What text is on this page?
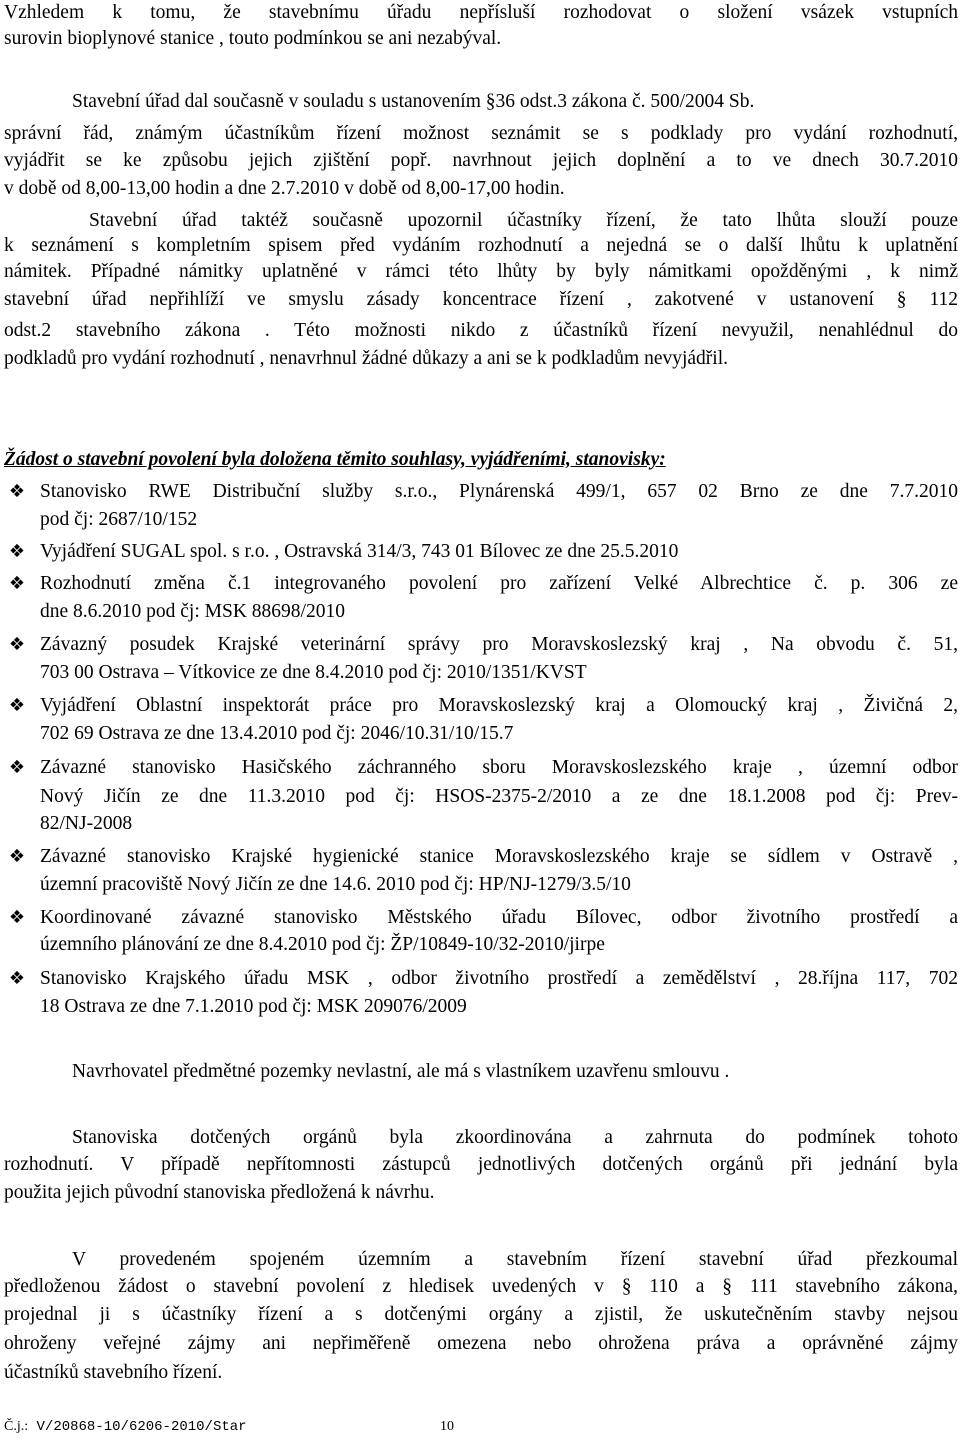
Vzhledem k tomu, že stavebnímu úřadu nepřísluší rozhodovat o složení vsázek vstupních
surovin bioplynové stanice , touto podmínkou se ani nezabýval.
Stavební úřad dal současně v souladu s ustanovením §36 odst.3 zákona č. 500/2004 Sb.
správní řád, známým účastníkům řízení možnost seznámit se s podklady pro vydání rozhodnutí,
vyjádřit se ke způsobu jejich zjištění popř. navrhnout jejich doplnění a to ve dnech 30.7.2010
v době od 8,00-13,00 hodin a dne 2.7.2010 v době od 8,00-17,00 hodin.
Stavební úřad taktéž současně upozornil účastníky řízení, že tato lhůta slouží pouze
k seznámení s kompletním spisem před vydáním rozhodnutí a nejedná se o další lhůtu k uplatnění
námitek. Případné námitky uplatněné v rámci této lhůty by byly námitkami opožděnými , k nimž
stavební úřad nepřihlíží ve smyslu zásady koncentrace řízení , zakotvené v ustanovení § 112
odst.2 stavebního zákona . Této možnosti nikdo z účastníků řízení nevyužil, nenahlédnul do
podkladů pro vydání rozhodnutí , nenavrhnul žádné důkazy a ani se k podkladům nevyjádřil.
Žádost o stavební povolení byla doložena těmito souhlasy, vyjádřeními, stanovisky:
❖ Stanovisko RWE Distribuční služby s.r.o., Plynárenská 499/1, 657 02 Brno ze dne 7.7.2010
pod čj: 2687/10/152
❖ Vyjádření SUGAL spol. s r.o. , Ostravská 314/3, 743 01 Bílovec ze dne 25.5.2010
❖ Rozhodnutí změna č.1 integrovaného povolení pro zařízení Velké Albrechtice č. p. 306 ze
dne 8.6.2010 pod čj: MSK 88698/2010
❖ Závazný posudek Krajské veterinární správy pro Moravskoslezský kraj , Na obvodu č. 51,
703 00 Ostrava – Vítkovice ze dne 8.4.2010 pod čj: 2010/1351/KVST
❖ Vyjádření Oblastní inspektorát práce pro Moravskoslezský kraj a Olomoucký kraj , Živičná 2,
702 69 Ostrava ze dne 13.4.2010 pod čj: 2046/10.31/10/15.7
❖ Závazné stanovisko Hasičského záchranného sboru Moravskoslezského kraje , územní odbor
Nový Jičín ze dne 11.3.2010 pod čj: HSOS-2375-2/2010 a ze dne 18.1.2008 pod čj: Prev-
82/NJ-2008
❖ Závazné stanovisko Krajské hygienické stanice Moravskoslezského kraje se sídlem v Ostravě ,
územní pracoviště Nový Jičín ze dne 14.6. 2010 pod čj: HP/NJ-1279/3.5/10
❖ Koordinované závazné stanovisko Městského úřadu Bílovec, odbor životního prostředí a
územního plánování ze dne 8.4.2010 pod čj: ŽP/10849-10/32-2010/jirpe
❖ Stanovisko Krajského úřadu MSK , odbor životního prostředí a zemědělství , 28.října 117, 702
18 Ostrava ze dne 7.1.2010 pod čj: MSK 209076/2009
Navrhovatel předmětné pozemky nevlastní, ale má s vlastníkem uzavřenu smlouvu .
Stanoviska dotčených orgánů byla zkoordinována a zahrnuta do podmínek tohoto
rozhodnutí. V případě nepřítomnosti zástupců jednotlivých dotčených orgánů při jednání byla
použita jejich původní stanoviska předložená k návrhu.
V provedeném spojeném územním a stavebním řízení stavební úřad přezkoumal
předloženou žádost o stavební povolení z hledisek uvedených v § 110 a § 111 stavebního zákona,
projednal ji s účastníky řízení a s dotčenými orgány a zjistil, že uskutečněním stavby nejsou
ohroženy veřejné zájmy ani nepřiměřeně omezena nebo ohrožena práva a oprávněné zájmy
účastníků stavebního řízení.
Č.j.: V/20868-10/6206-2010/Star	10
